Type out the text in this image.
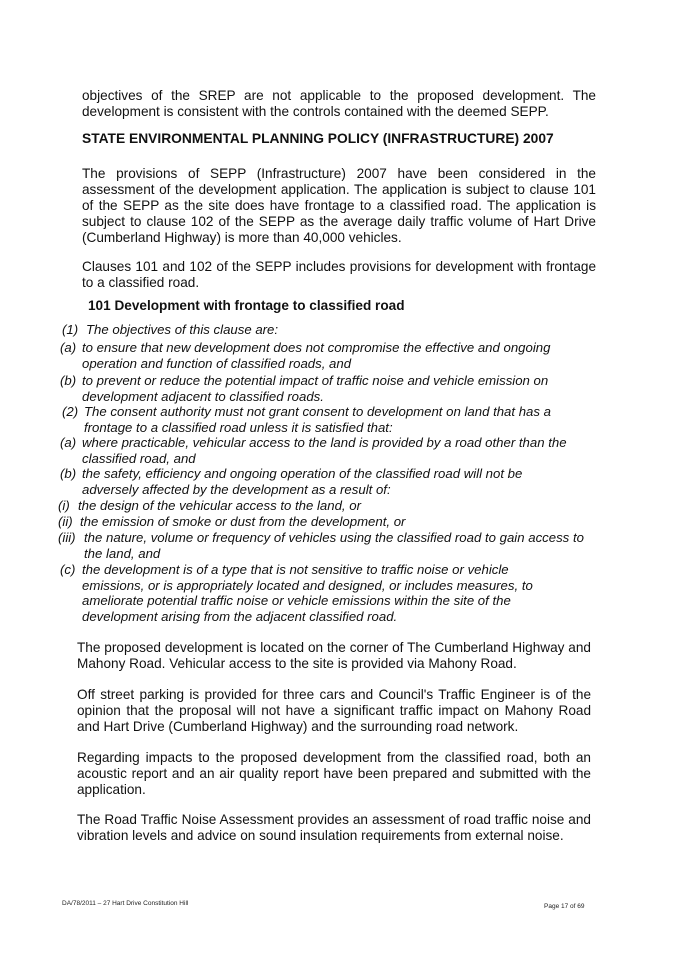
objectives of the SREP are not applicable to the proposed development. The development is consistent with the controls contained with the deemed SEPP.

STATE ENVIRONMENTAL PLANNING POLICY (INFRASTRUCTURE) 2007

The provisions of SEPP (Infrastructure) 2007 have been considered in the assessment of the development application. The application is subject to clause 101 of the SEPP as the site does have frontage to a classified road. The application is subject to clause 102 of the SEPP as the average daily traffic volume of Hart Drive (Cumberland Highway) is more than 40,000 vehicles.

Clauses 101 and 102 of the SEPP includes provisions for development with frontage to a classified road.

101 Development with frontage to classified road
(1) The objectives of this clause are:
(a) to ensure that new development does not compromise the effective and ongoing operation and function of classified roads, and
(b) to prevent or reduce the potential impact of traffic noise and vehicle emission on development adjacent to classified roads.
(2) The consent authority must not grant consent to development on land that has a frontage to a classified road unless it is satisfied that:
(a) where practicable, vehicular access to the land is provided by a road other than the classified road, and
(b) the safety, efficiency and ongoing operation of the classified road will not be adversely affected by the development as a result of:
(i) the design of the vehicular access to the land, or
(ii) the emission of smoke or dust from the development, or
(iii) the nature, volume or frequency of vehicles using the classified road to gain access to the land, and
(c) the development is of a type that is not sensitive to traffic noise or vehicle emissions, or is appropriately located and designed, or includes measures, to ameliorate potential traffic noise or vehicle emissions within the site of the development arising from the adjacent classified road.

The proposed development is located on the corner of The Cumberland Highway and Mahony Road. Vehicular access to the site is provided via Mahony Road.

Off street parking is provided for three cars and Council's Traffic Engineer is of the opinion that the proposal will not have a significant traffic impact on Mahony Road and Hart Drive (Cumberland Highway) and the surrounding road network.

Regarding impacts to the proposed development from the classified road, both an acoustic report and an air quality report have been prepared and submitted with the application.

The Road Traffic Noise Assessment provides an assessment of road traffic noise and vibration levels and advice on sound insulation requirements from external noise.

DA/78/2011 – 27 Hart Drive Constitution Hill	Page 17 of 69
